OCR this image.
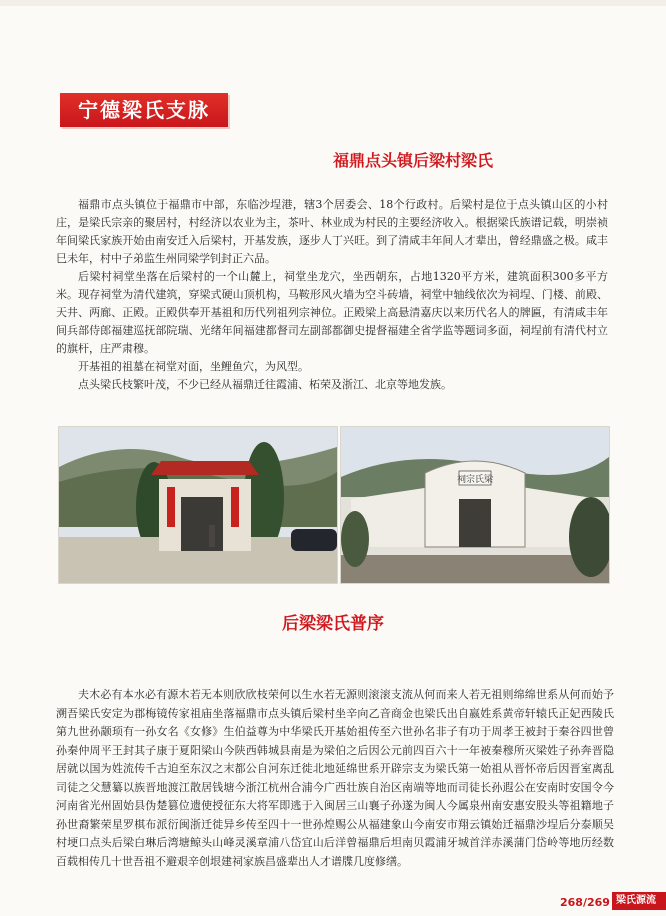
宁德梁氏支脉
福鼎点头镇后梁村梁氏

福鼎市点头镇位于福鼎市中部，东临沙埕港，辖3个居委会、18个行政村。后梁村是位于点头镇山区的小村庄，是梁氏宗亲的聚居村，村经济以农业为主，茶叶、林业成为村民的主要经济收入。根据梁氏族谱记载，明崇祯年间梁氏家族开始由南安迁入后梁村，开基发族，逐步人丁兴旺。到了清咸丰年间人才辈出，曾经鼎盛之极。咸丰巳未年，村中子弟监生州同梁学钊封正六品。

后梁村祠堂坐落在后梁村的一个山麓上，祠堂坐龙穴，坐西朝东，占地1320平方米，建筑面积300多平方米。现存祠堂为清代建筑，穿梁式硬山顶机构，马鞍形风火墙为空斗砖墙，祠堂中轴线依次为祠埕、门楼、前殿、天井、两廊、正殿。正殿供奉开基祖和历代列祖列宗神位。正殿梁上高悬清嘉庆以来历代名人的牌匾，有清咸丰年间兵部侍郎福建巡抚部院瑞、光绪年间福建都督司左副部都御史提督福建全省学监等题词多面，祠埕前有清代村立的旗杆，庄严肃穆。

开基祖的祖墓在祠堂对面，坐鲤鱼穴，为风型。

点头梁氏枝繁叶茂，不少已经从福鼎迁往霞浦、柘荣及浙江、北京等地发族。

祠宗氏梁
后梁梁氏普序

夫木必有本水必有源木若无本则欣欣枝荣何以生水若无源则滚滚支流从何而来人若无祖则绵绵世系从何而始予溯吾梁氏安定为郡梅镜传家祖庙坐落福鼎市点头镇后梁村坐辛向乙音商金也梁氏出自嬴姓系黄帝轩辕氏正妃西陵氏第九世孙颛顼有一孙女名《女修》生伯益尊为中华梁氏开基始祖传至六世孙名非子有功于周孝王被封于秦谷四世曾孙秦仲周平王封其子康于夏阳梁山今陕西韩城县南是为梁伯之后因公元前四百六十一年被秦穆所灭梁姓子孙奔晋隐居就以国为姓流传千古迫至东汉之末都公自河东迁徙北地延绵世系开辟宗支为梁氏第一始祖从晋怀帝后因晋室离乱司徒之父慧纂以族晋地渡江散居钱塘今浙江杭州合浦今广西壮族自治区南端等地而司徒长孙遐公在安南时安国令今河南省光州固始县伪楚篡位遗使授征东大将军即逃于入闽居三山襄子孙遂为闽人今属泉州南安惠安股头等祖籍地子孙世裔繁荣星罗棋布派衍闽浙迁徙异乡传至四十一世孙煌赐公从福建象山今南安市翔云镇始迁福鼎沙埕后分泰顺吴村埂口点头后梁白琳后湾塘鲸头山峰灵溪章浦八岱宜山后洋曾福鼎后坦南贝霞浦牙城首洋赤溪蒲门岱岭等地历经数百载相传几十世吾祖不避艰辛创垠建祠家族昌盛辈出人才谱牒几度修缮。

268/269 梁氏源流
